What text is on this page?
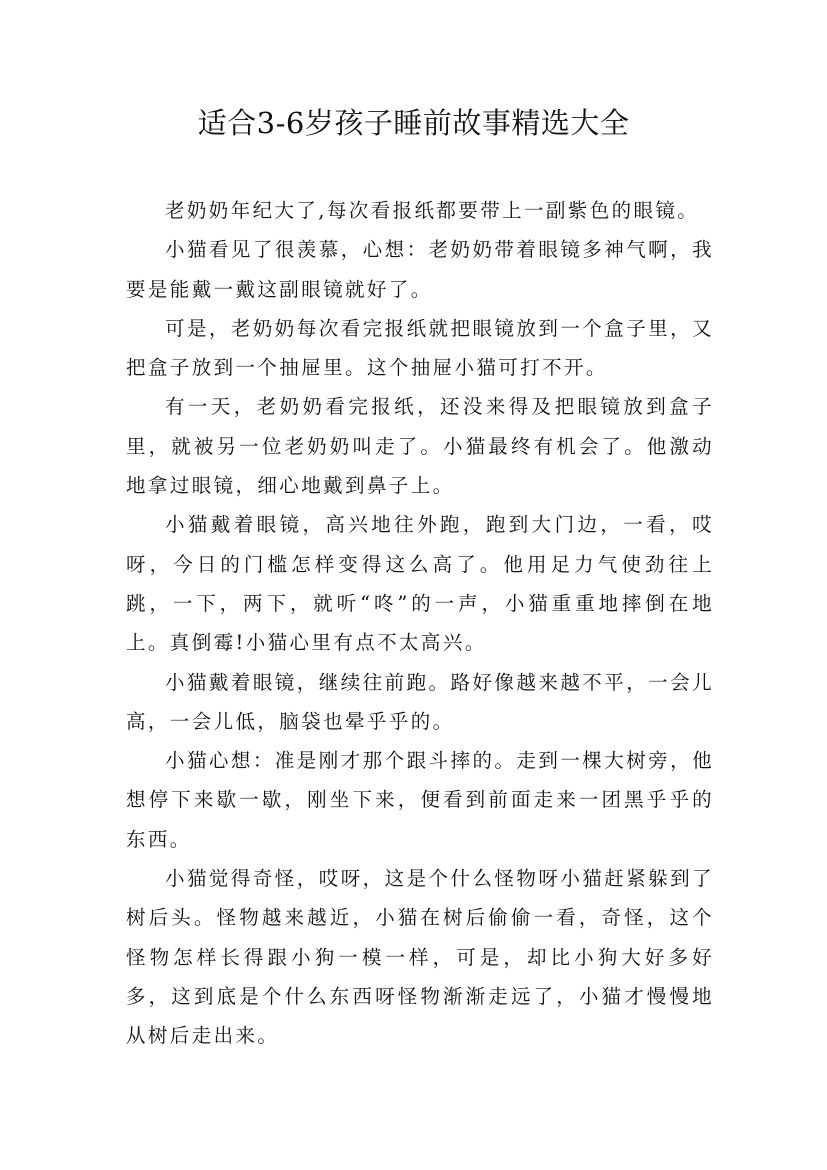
适合3-6岁孩子睡前故事精选大全

老奶奶年纪大了,每次看报纸都要带上一副紫色的眼镜。

小猫看见了很羡慕，心想：老奶奶带着眼镜多神气啊，我要是能戴一戴这副眼镜就好了。

可是，老奶奶每次看完报纸就把眼镜放到一个盒子里，又把盒子放到一个抽屉里。这个抽屉小猫可打不开。

有一天，老奶奶看完报纸，还没来得及把眼镜放到盒子里，就被另一位老奶奶叫走了。小猫最终有机会了。他激动地拿过眼镜，细心地戴到鼻子上。

小猫戴着眼镜，高兴地往外跑，跑到大门边，一看，哎呀，今日的门槛怎样变得这么高了。他用足力气使劲往上跳，一下，两下，就听“咚”的一声，小猫重重地摔倒在地上。真倒霉!小猫心里有点不太高兴。

小猫戴着眼镜，继续往前跑。路好像越来越不平，一会儿高，一会儿低，脑袋也晕乎乎的。

小猫心想：准是刚才那个跟斗摔的。走到一棵大树旁，他想停下来歇一歇，刚坐下来，便看到前面走来一团黑乎乎的东西。

小猫觉得奇怪，哎呀，这是个什么怪物呀小猫赶紧躲到了树后头。怪物越来越近，小猫在树后偷偷一看，奇怪，这个怪物怎样长得跟小狗一模一样，可是，却比小狗大好多好多，这到底是个什么东西呀怪物渐渐走远了，小猫才慢慢地从树后走出来。
